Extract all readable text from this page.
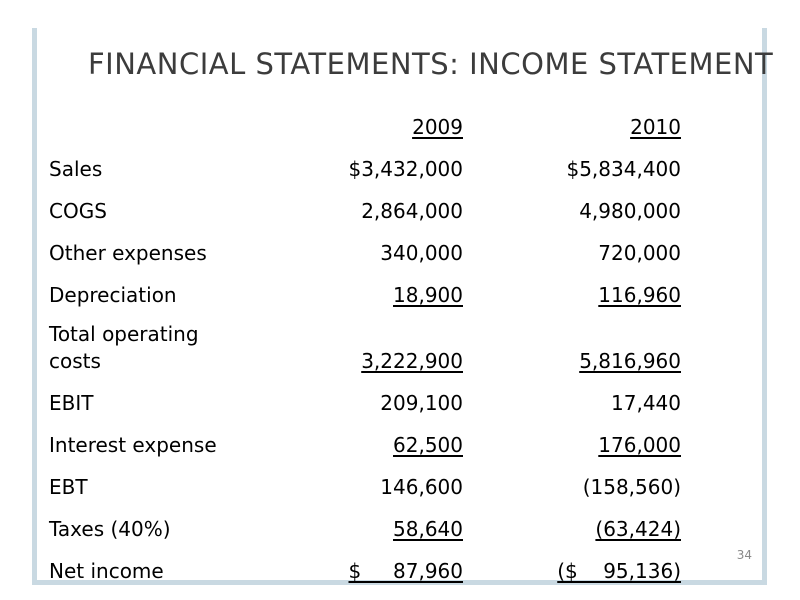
FINANCIAL STATEMENTS: INCOME STATEMENT
	2009	2010
Sales	$3,432,000	$5,834,400
COGS	2,864,000	4,980,000
Other expenses	340,000	720,000
Depreciation	18,900	116,960
Total operating costs	3,222,900	5,816,960
EBIT	209,100	17,440
Interest expense	62,500	176,000
EBT	146,600	(158,560)
Taxes (40%)	58,640	(63,424)
Net income	$     87,960	($    95,136)
34
